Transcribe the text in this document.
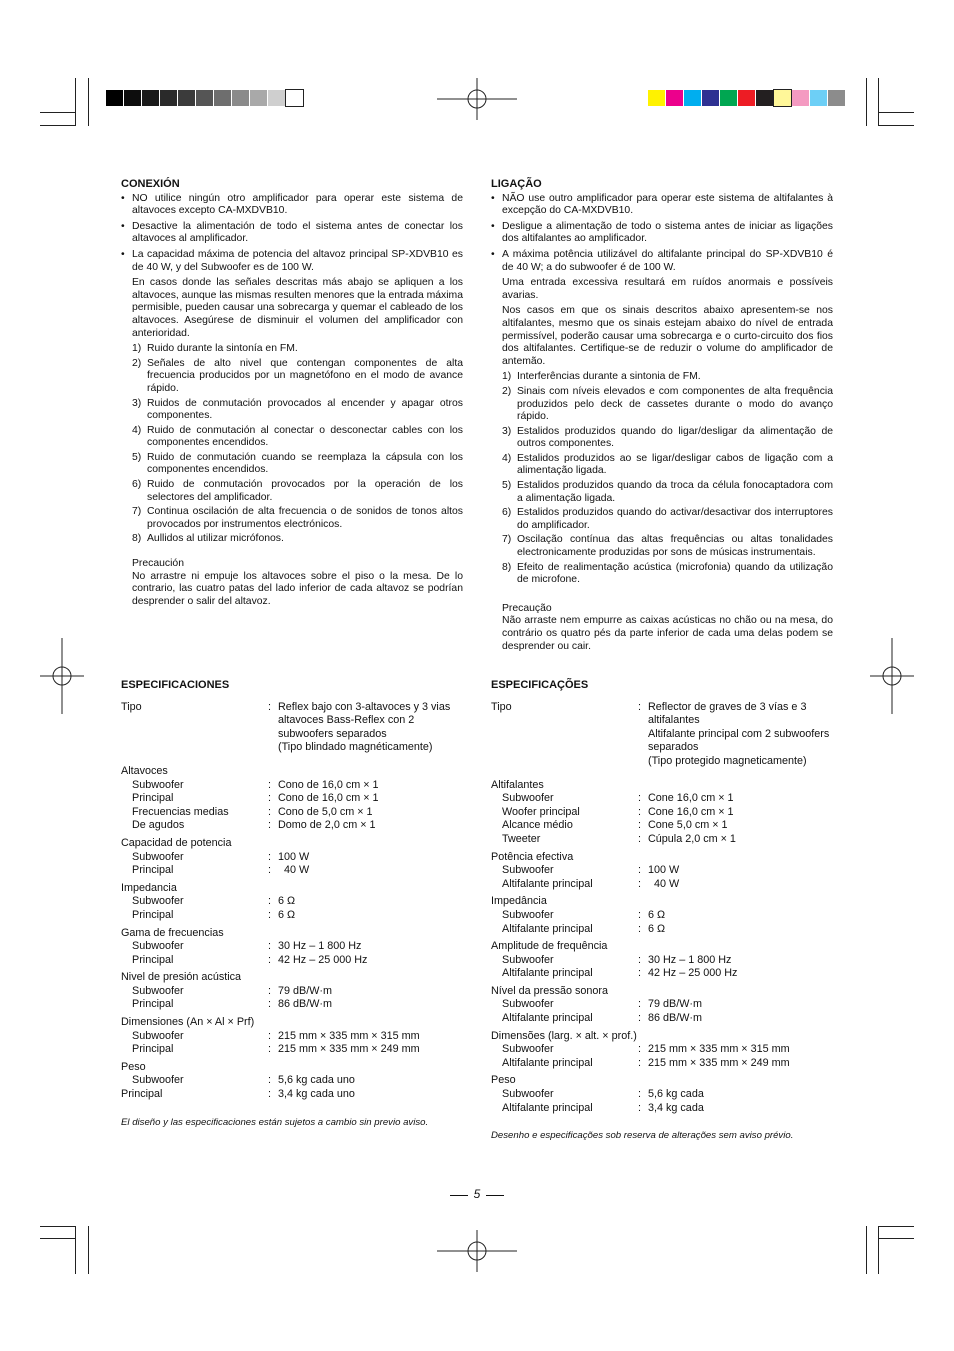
CONEXIÓN
• NO utilice ningún otro amplificador para operar este sistema de altavoces excepto CA-MXDVB10.
• Desactive la alimentación de todo el sistema antes de conectar los altavoces al amplificador.
• La capacidad máxima de potencia del altavoz principal SP-XDVB10 es de 40 W, y del Subwoofer es de 100 W.
En casos donde las señales descritas más abajo se apliquen a los altavoces, aunque las mismas resulten menores que la entrada máxima permisible, pueden causar una sobrecarga y quemar el cableado de los altavoces. Asegúrese de disminuir el volumen del amplificador con anterioridad.
1) Ruido durante la sintonía en FM.
2) Señales de alto nivel que contengan componentes de alta frecuencia producidos por un magnetófono en el modo de avance rápido.
3) Ruidos de conmutación provocados al encender y apagar otros componentes.
4) Ruido de conmutación al conectar o desconectar cables con los componentes encendidos.
5) Ruido de conmutación cuando se reemplaza la cápsula con los componentes encendidos.
6) Ruido de conmutación provocados por la operación de los selectores del amplificador.
7) Continua oscilación de alta frecuencia o de sonidos de tonos altos provocados por instrumentos electrónicos.
8) Aullidos al utilizar micrófonos.
Precaución
No arrastre ni empuje los altavoces sobre el piso o la mesa. De lo contrario, las cuatro patas del lado inferior de cada altavoz se podrían desprender o salir del altavoz.
LIGAÇÃO
• NÃO use outro amplificador para operar este sistema de altifalantes à excepção do CA-MXDVB10.
• Desligue a alimentação de todo o sistema antes de iniciar as ligações dos altifalantes ao amplificador.
• A máxima potência utilizável do altifalante principal do SP-XDVB10 é de 40 W; a do subwoofer é de 100 W.
Uma entrada excessiva resultará em ruídos anormais e possíveis avarias.
Nos casos em que os sinais descritos abaixo apresentem-se nos altifalantes, mesmo que os sinais estejam abaixo do nível de entrada permissível, poderão causar uma sobrecarga e o curto-circuito dos fios dos altifalantes. Certifique-se de reduzir o volume do amplificador de antemão.
1) Interferências durante a sintonia de FM.
2) Sinais com níveis elevados e com componentes de alta frequência produzidos pelo deck de cassetes durante o modo do avanço rápido.
3) Estalidos produzidos quando do ligar/desligar da alimentação de outros componentes.
4) Estalidos produzidos ao se ligar/desligar cabos de ligação com a alimentação ligada.
5) Estalidos produzidos quando da troca da célula fonocaptadora com a alimentação ligada.
6) Estalidos produzidos quando do activar/desactivar dos interruptores do amplificador.
7) Oscilação contínua das altas frequências ou altas tonalidades electronicamente produzidas por sons de músicas instrumentais.
8) Efeito de realimentação acústica (microfonia) quando da utilização de microfone.
Precaução
Não arraste nem empurre as caixas acústicas no chão ou na mesa, do contrário os quatro pés da parte inferior de cada uma delas podem se desprender ou cair.
ESPECIFICACIONES
Tipo	: Reflex bajo con 3-altavoces y 3 vias
altavoces Bass-Reflex con 2 subwoofers separados
(Tipo blindado magnéticamente)
Altavoces
Subwoofer	: Cono de 16,0 cm × 1
Principal	: Cono de 16,0 cm × 1
Frecuencias medias	: Cono de 5,0 cm × 1
De agudos	: Domo de 2,0 cm × 1
Capacidad de potencia
Subwoofer	: 100 W
Principal	: 40 W
Impedancia
Subwoofer	: 6 Ω
Principal	: 6 Ω
Gama de frecuencias
Subwoofer	: 30 Hz – 1 800 Hz
Principal	: 42 Hz – 25 000 Hz
Nivel de presión acústica
Subwoofer	: 79 dB/W·m
Principal	: 86 dB/W·m
Dimensiones (An × Al × Prf)
Subwoofer	: 215 mm × 335 mm × 315 mm
Principal	: 215 mm × 335 mm × 249 mm
Peso
Subwoofer	: 5,6 kg cada uno
Principal	: 3,4 kg cada uno
El diseño y las especificaciones están sujetos a cambio sin previo aviso.
ESPECIFICAÇÕES
Tipo	: Reflector de graves de 3 vías e 3 altifalantes
Altifalante principal com 2 subwoofers separados
(Tipo protegido magneticamente)
Altifalantes
Subwoofer	: Cone 16,0 cm × 1
Woofer principal	: Cone 16,0 cm × 1
Alcance médio	: Cone 5,0 cm × 1
Tweeter	: Cúpula 2,0 cm × 1
Potência efectiva
Subwoofer	: 100 W
Altifalante principal	: 40 W
Impedância
Subwoofer	: 6 Ω
Altifalante principal	: 6 Ω
Amplitude de frequência
Subwoofer	: 30 Hz – 1 800 Hz
Altifalante principal	: 42 Hz – 25 000 Hz
Nível da pressão sonora
Subwoofer	: 79 dB/W·m
Altifalante principal	: 86 dB/W·m
Dimensões (larg. × alt. × prof.)
Subwoofer	: 215 mm × 335 mm × 315 mm
Altifalante principal	: 215 mm × 335 mm × 249 mm
Peso
Subwoofer	: 5,6 kg cada
Altifalante principal	: 3,4 kg cada
Desenho e especificações sob reserva de alterações sem aviso prévio.
5
